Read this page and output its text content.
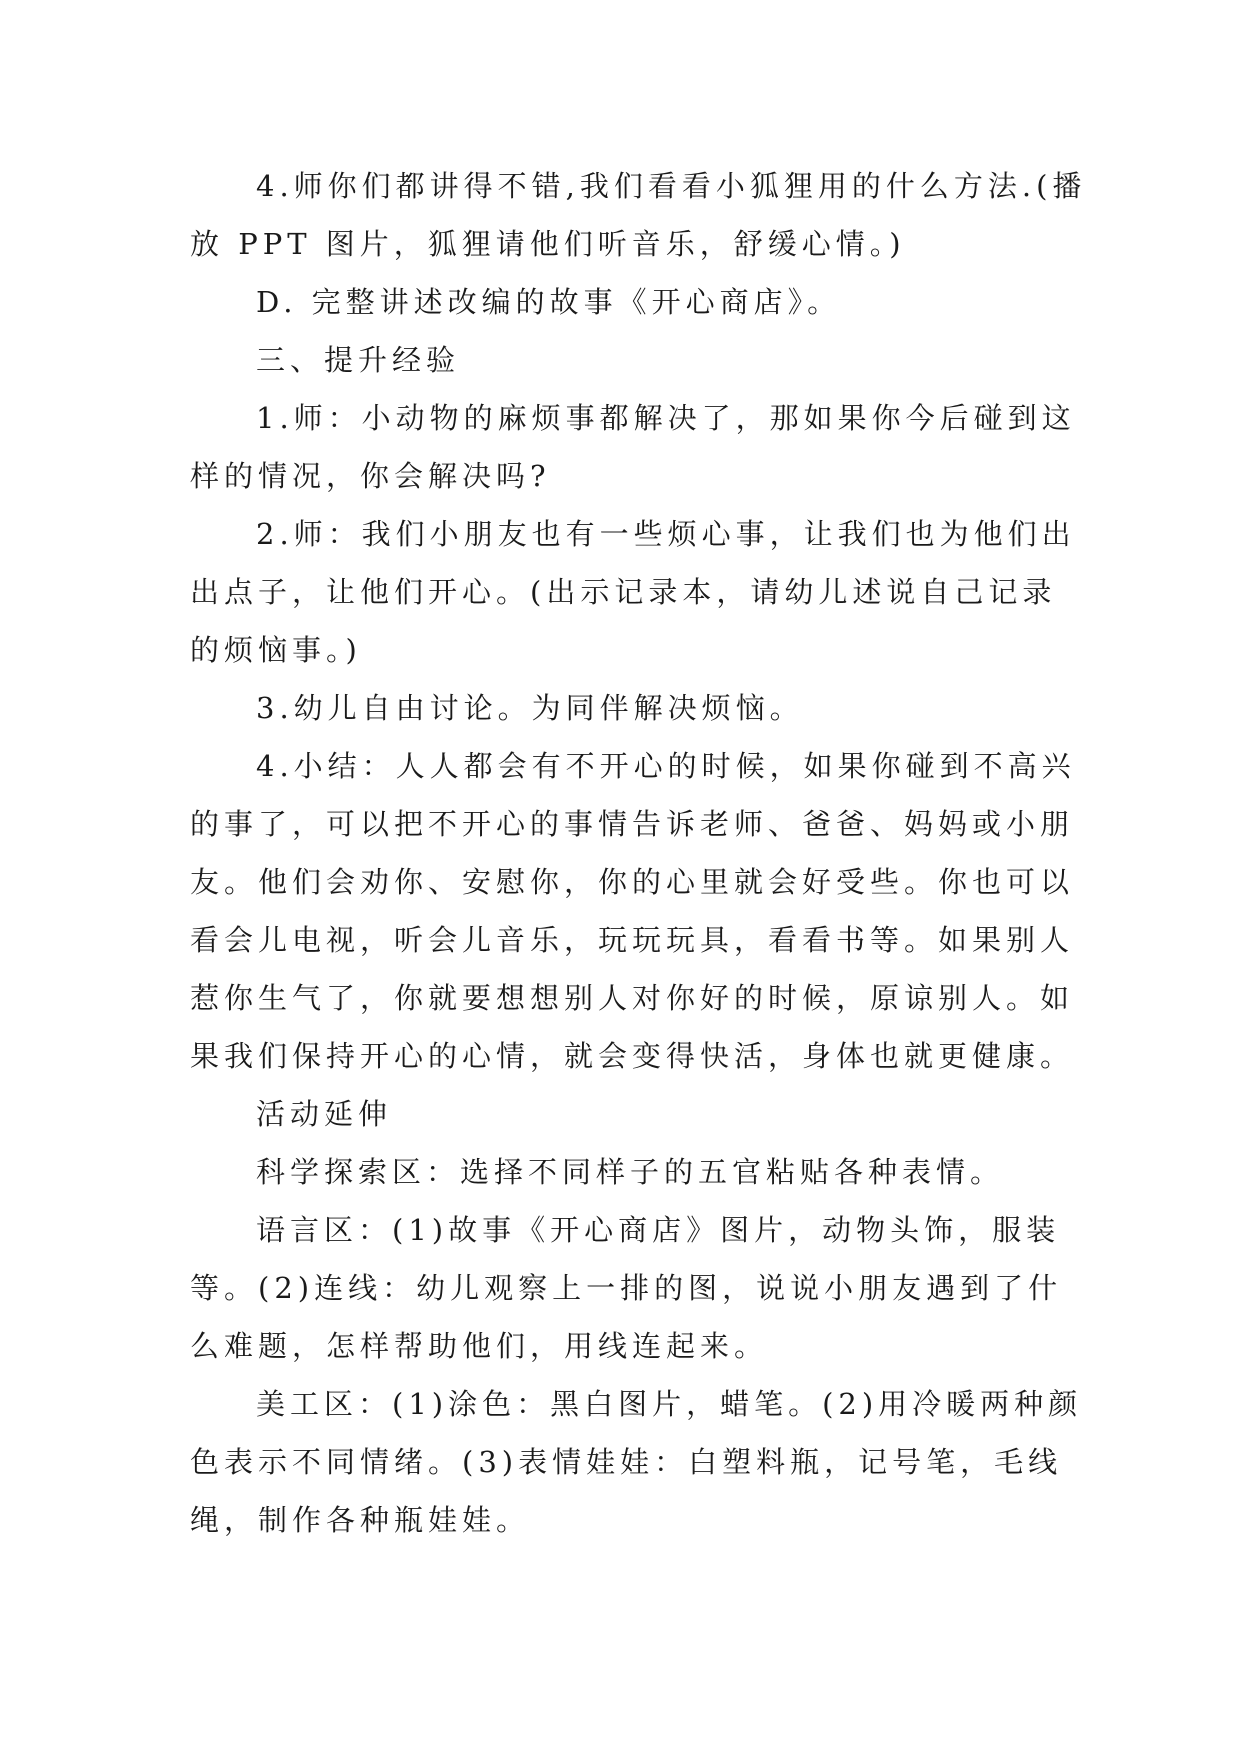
4.师你们都讲得不错,我们看看小狐狸用的什么方法.(播
放 PPT 图片，狐狸请他们听音乐，舒缓心情。)
D. 完整讲述改编的故事《开心商店》。
三、提升经验
1.师：小动物的麻烦事都解决了，那如果你今后碰到这
样的情况，你会解决吗?
2.师：我们小朋友也有一些烦心事，让我们也为他们出
出点子，让他们开心。(出示记录本，请幼儿述说自己记录
的烦恼事。)
3.幼儿自由讨论。为同伴解决烦恼。
4.小结：人人都会有不开心的时候，如果你碰到不高兴
的事了，可以把不开心的事情告诉老师、爸爸、妈妈或小朋
友。他们会劝你、安慰你，你的心里就会好受些。你也可以
看会儿电视，听会儿音乐，玩玩玩具，看看书等。如果别人
惹你生气了，你就要想想别人对你好的时候，原谅别人。如
果我们保持开心的心情，就会变得快活，身体也就更健康。
活动延伸
科学探索区：选择不同样子的五官粘贴各种表情。
语言区：(1)故事《开心商店》图片，动物头饰，服装
等。(2)连线：幼儿观察上一排的图，说说小朋友遇到了什
么难题，怎样帮助他们，用线连起来。
美工区：(1)涂色：黑白图片，蜡笔。(2)用冷暖两种颜
色表示不同情绪。(3)表情娃娃：白塑料瓶，记号笔，毛线
绳，制作各种瓶娃娃。
